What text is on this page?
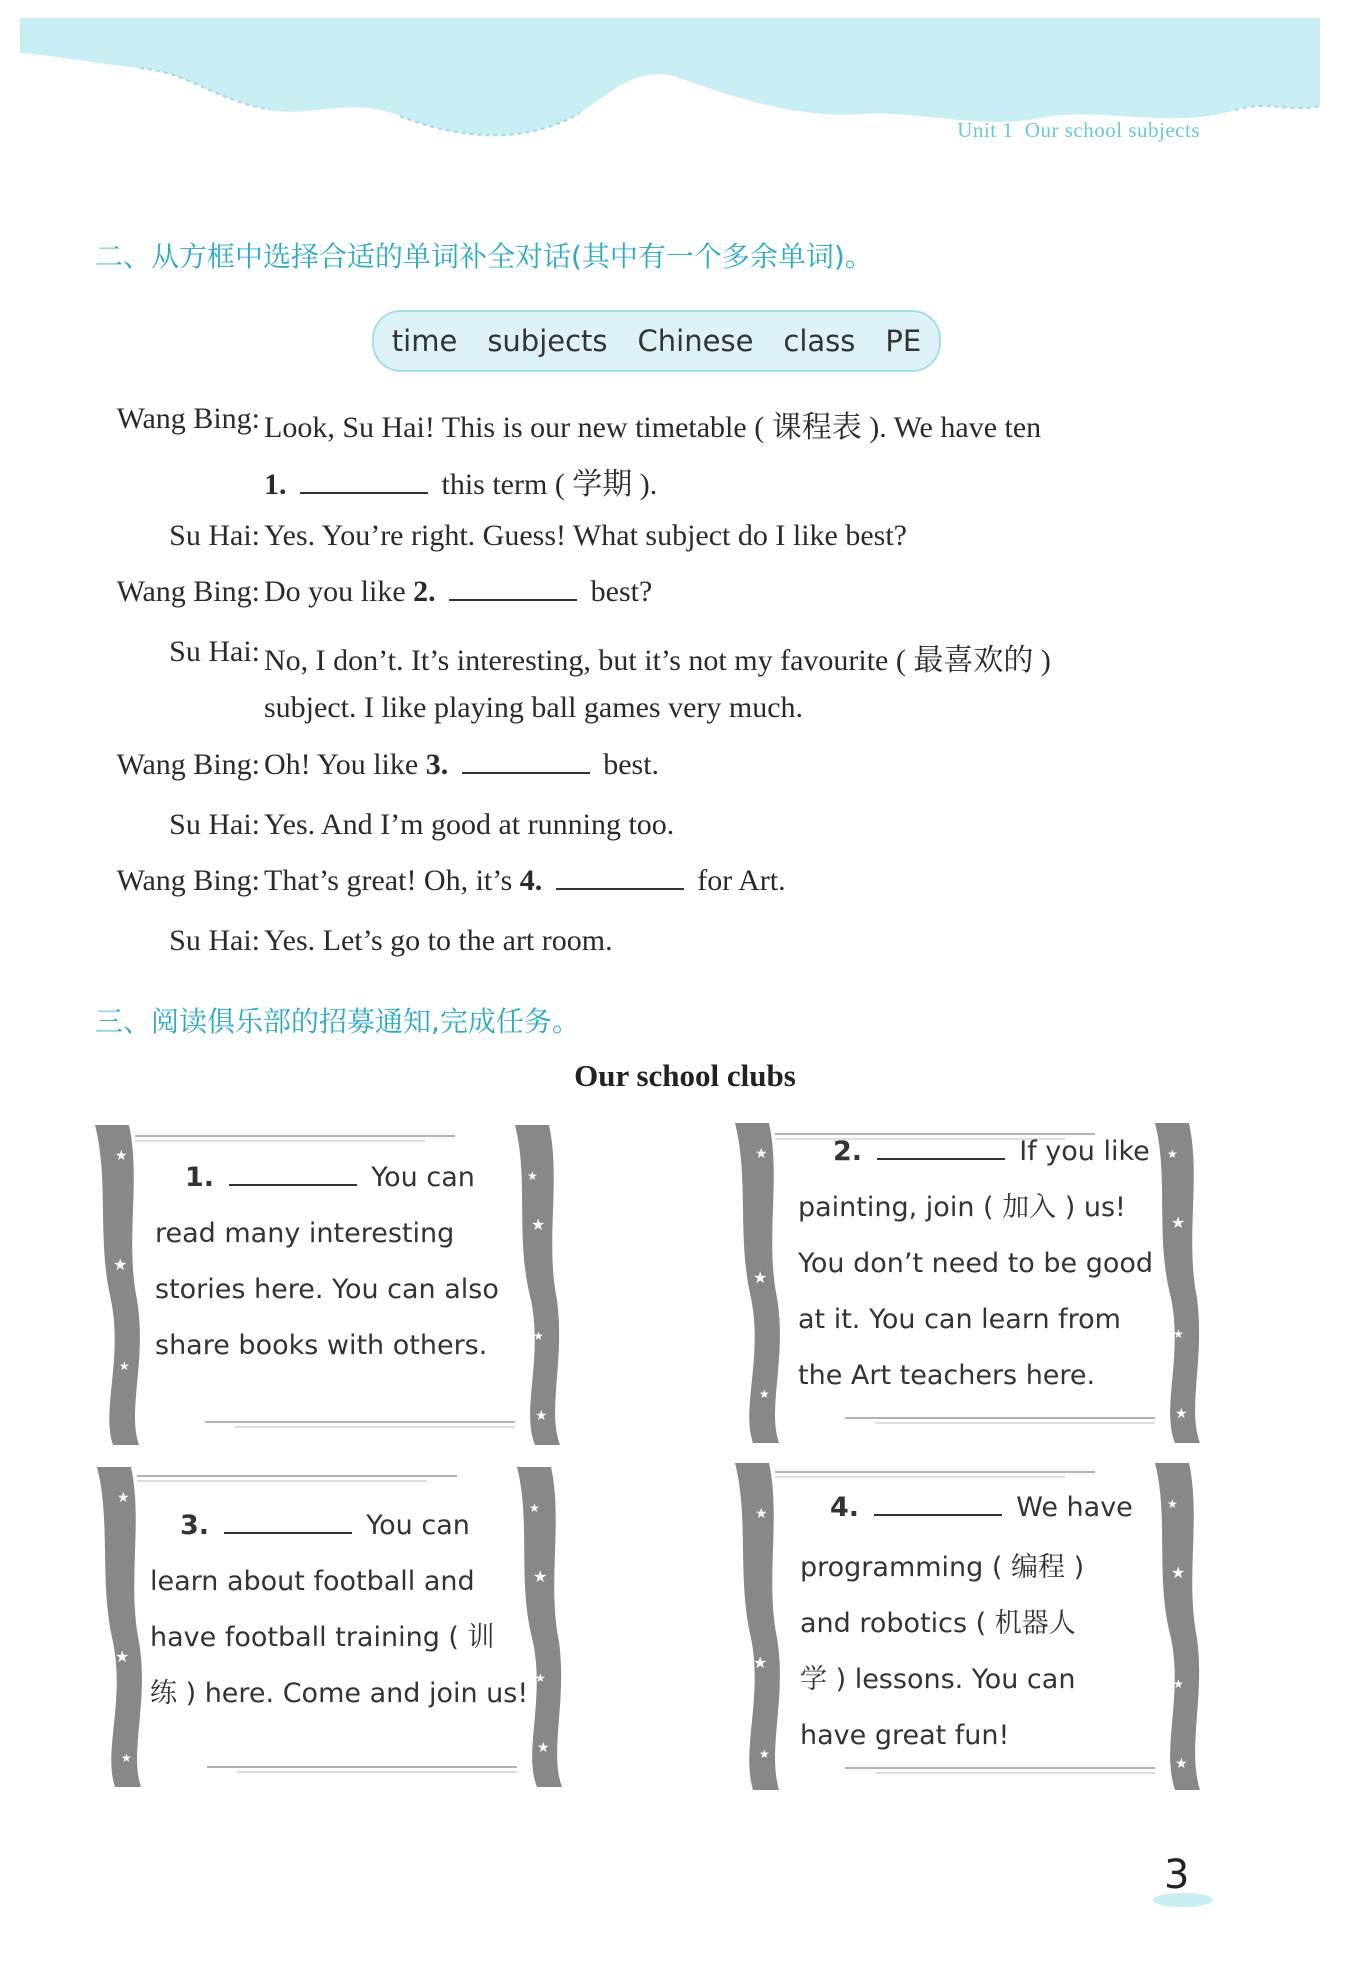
Unit 1 Our school subjects
二、从方框中选择合适的单词补全对话(其中有一个多余单词)。
time subjects Chinese class PE
Wang Bing: Look, Su Hai! This is our new timetable ( 课程表 ). We have ten
1.	this term ( 学期 ).
Su Hai: Yes. You’re right. Guess! What subject do I like best?
Wang Bing: Do you like 2.	best?
Su Hai: No, I don’t. It’s interesting, but it’s not my favourite ( 最喜欢的 )
subject. I like playing ball games very much.
Wang Bing: Oh! You like 3.	best.
Su Hai: Yes. And I’m good at running too.
Wang Bing: That’s great! Oh, it’s 4.	for Art.
Su Hai: Yes. Let’s go to the art room.
三、阅读俱乐部的招募通知,完成任务。
Our school clubs
★
★
★
★
★
★
★
1.	You can
read many interesting
stories here. You can also
share books with others.
★
★
★
★
★
★
★
2.	If you like
painting, join ( 加入 ) us!
You don’t need to be good
at it. You can learn from
the Art teachers here.
★
★
★
★
★
★
★
3.	You can
learn about football and
have football training ( 训
练 ) here. Come and join us!
★
★
★
★
★
★
★
4.	We have
programming ( 编程 )
and robotics ( 机器人
学 ) lessons. You can
have great fun!
3
